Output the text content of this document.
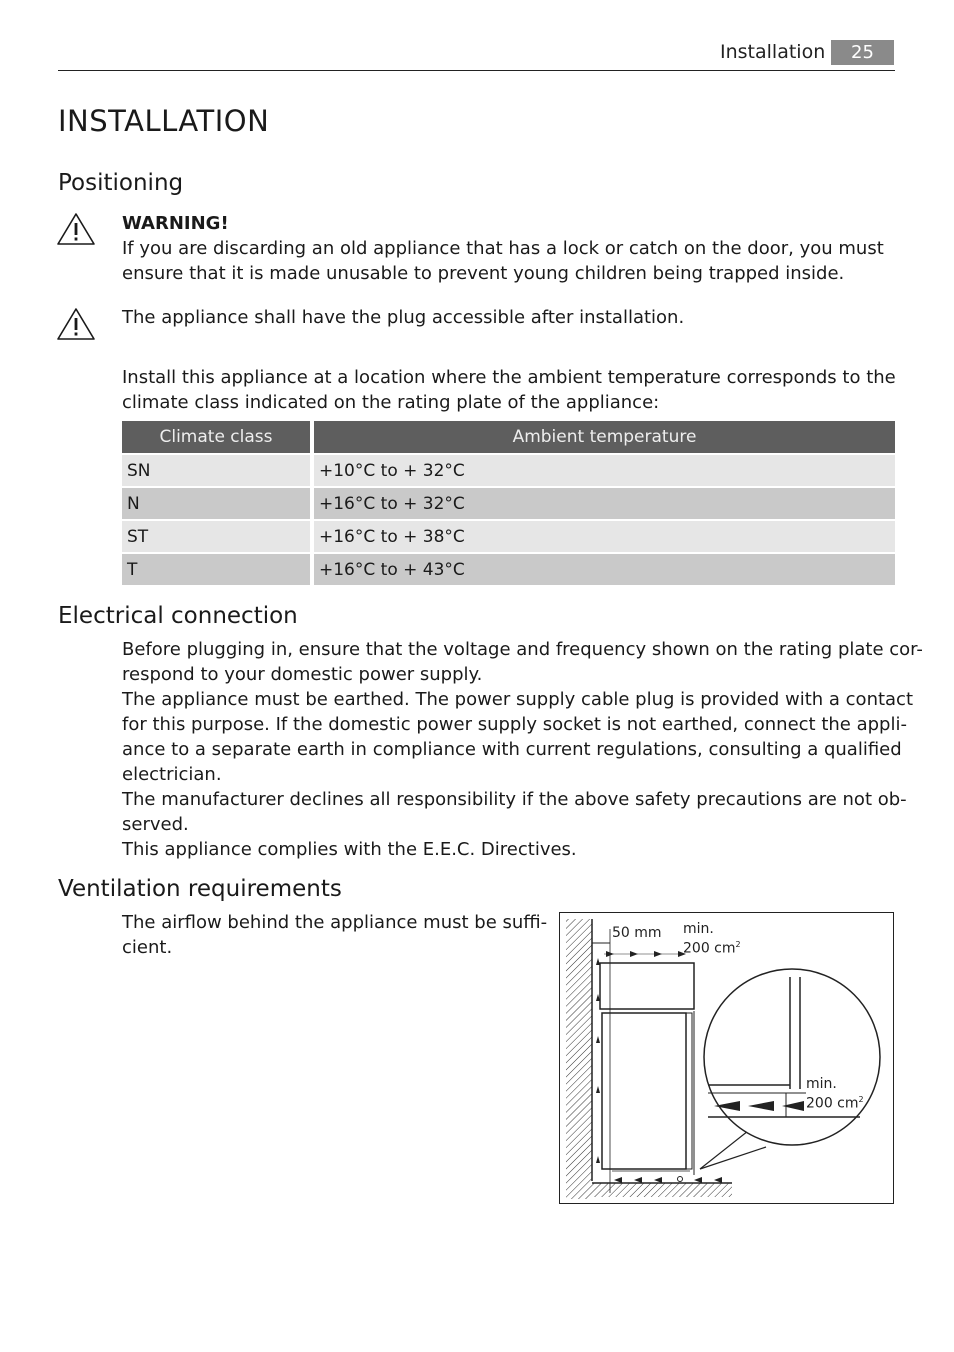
Installation	25
INSTALLATION
Positioning
WARNING!
If you are discarding an old appliance that has a lock or catch on the door, you must
ensure that it is made unusable to prevent young children being trapped inside.
The appliance shall have the plug accessible after installation.
Install this appliance at a location where the ambient temperature corresponds to the
climate class indicated on the rating plate of the appliance:
Climate class	Ambient temperature
SN	+10°C to + 32°C
N	+16°C to + 32°C
ST	+16°C to + 38°C
T	+16°C to + 43°C
Electrical connection
Before plugging in, ensure that the voltage and frequency shown on the rating plate cor-
respond to your domestic power supply.
The appliance must be earthed. The power supply cable plug is provided with a contact
for this purpose. If the domestic power supply socket is not earthed, connect the appli-
ance to a separate earth in compliance with current regulations, consulting a qualified
electrician.
The manufacturer declines all responsibility if the above safety precautions are not ob-
served.
This appliance complies with the E.E.C. Directives.
Ventilation requirements
The airflow behind the appliance must be suffi-
cient.
50 mm min.
200 $cm^2$
min.
200 $cm^2$
